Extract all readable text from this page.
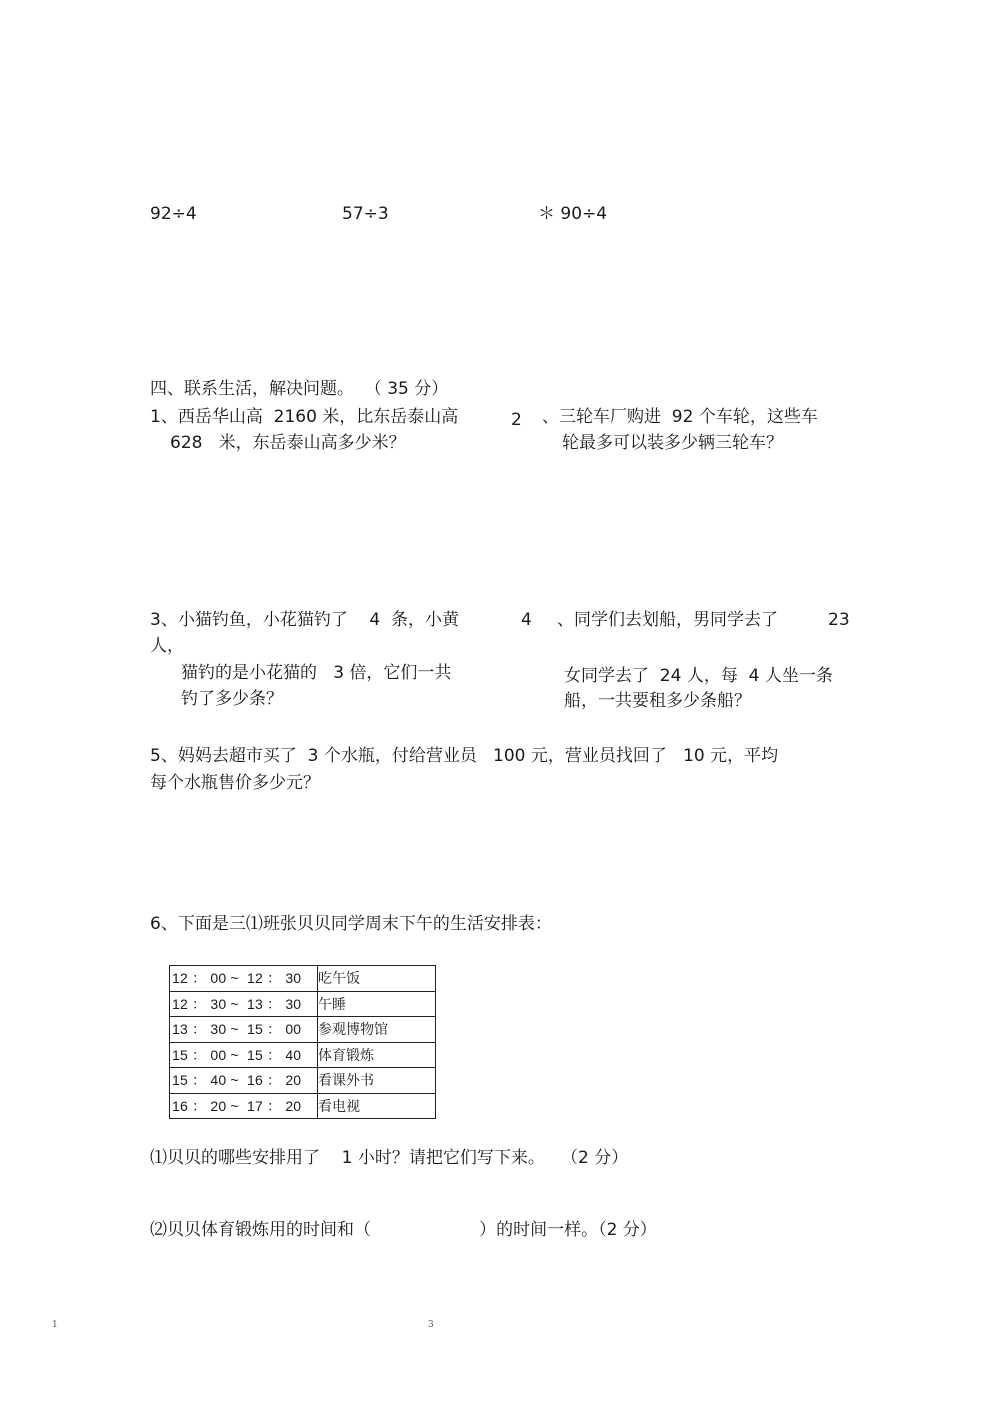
92÷4	57÷3	＊ 90÷4
四、联系生活，解决问题。  （ 35 分）
1、西岳华山高  2160 米，比东岳泰山高
628   米，东岳泰山高多少米？
2 、三轮车厂购进  92 个车轮，这些车
轮最多可以装多少辆三轮车？
3、小猫钓鱼，小花猫钓了    4  条，小黄
人，
猫钓的是小花猫的   3 倍，它们一共
钓了多少条？
4 、同学们去划船，男同学去了	23
女同学去了  24 人，每  4 人坐一条
船，一共要租多少条船？
5、妈妈去超市买了  3 个水瓶，付给营业员   100 元，营业员找回了   10 元，平均
每个水瓶售价多少元？
6、下面是三⑴班张贝贝同学周末下午的生活安排表：
12 ： 00 ~  12 ： 30	吃午饭
12 ： 30 ~  13 ： 30	午睡
13 ： 30 ~  15 ： 00	参观博物馆
15 ： 00 ~  15 ： 40	体育锻炼
15 ： 40 ~  16 ： 20	看课外书
16 ： 20 ~  17 ： 20	看电视
⑴贝贝的哪些安排用了    1 小时？请把它们写下来。   （2 分）
⑵贝贝体育锻炼用的时间和（                    ）的时间一样。（2 分）
1	3
